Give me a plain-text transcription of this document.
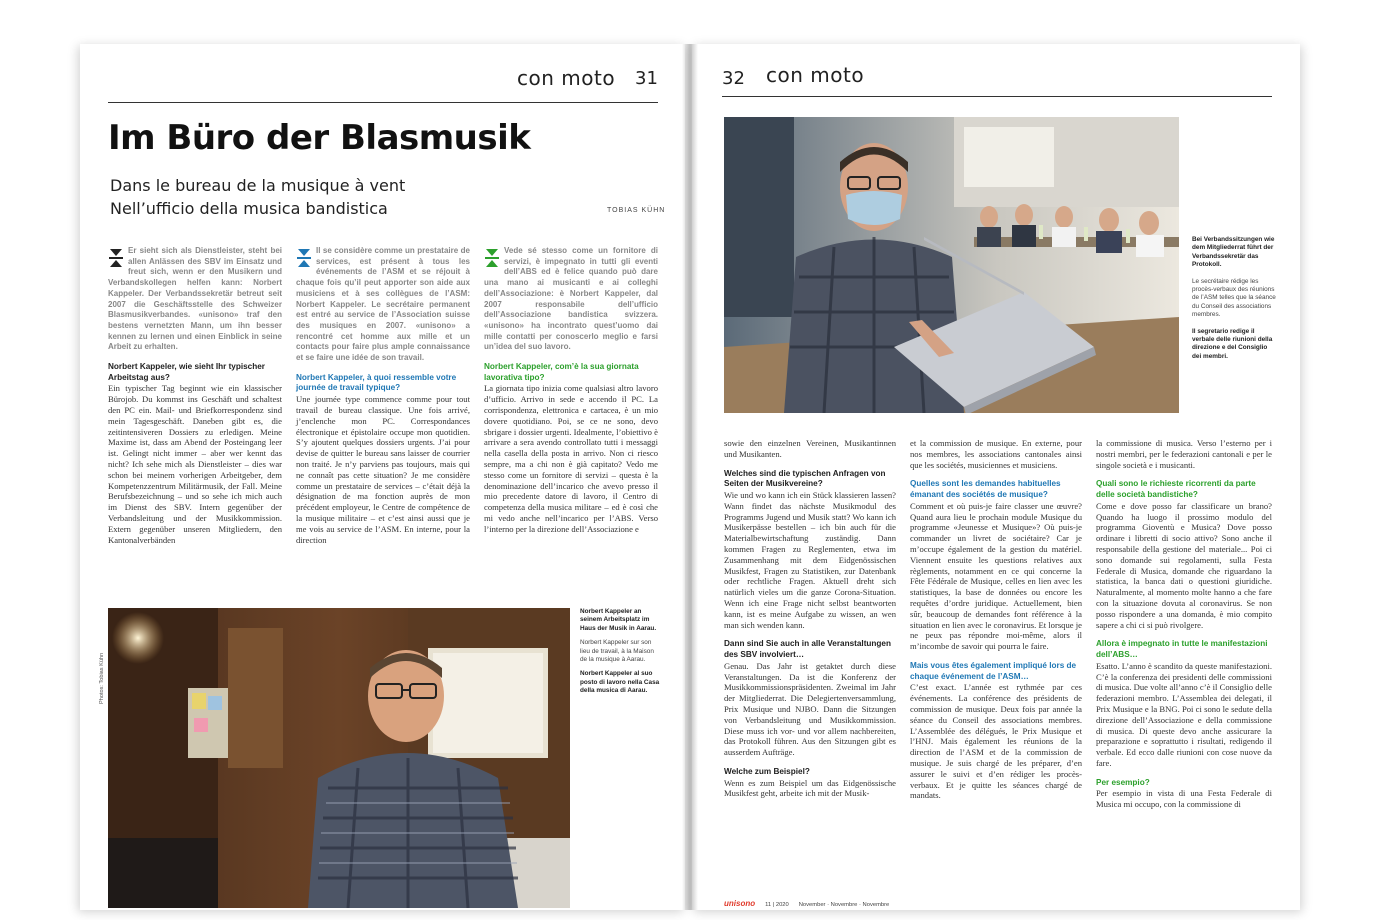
con moto 31
Im Büro der Blasmusik
Dans le bureau de la musique à vent
Nell’ufficio della musica bandistica	TOBIAS KÜHN

Er sieht sich als Dienstleister, steht bei allen Anlässen des SBV im Einsatz und freut sich, wenn er den Musikern und Verbandskollegen helfen kann: Norbert Kappeler. Der Verbandssekretär betreut seit 2007 die Geschäftsstelle des Schweizer Blasmusikverbandes. «unisono» traf den bestens vernetzten Mann, um ihn besser kennen zu lernen und einen Einblick in seine Arbeit zu erhalten.

Norbert Kappeler, wie sieht Ihr typischer Arbeitstag aus?
Ein typischer Tag beginnt wie ein klassischer Bürojob. Du kommst ins Geschäft und schaltest den PC ein. Mail- und Briefkorrespondenz sind mein Tagesgeschäft. Daneben gibt es, die zeitintensiveren Dossiers zu erledigen. Meine Maxime ist, dass am Abend der Posteingang leer ist. Gelingt nicht immer – aber wer kennt das nicht? Ich sehe mich als Dienstleister – dies war schon bei meinem vorherigen Arbeitgeber, dem Kompetenzzentrum Militärmusik, der Fall. Meine Berufsbezeichnung – und so sehe ich mich auch im Dienst des SBV. Intern gegenüber der Verbandsleitung und der Musikkommission. Extern gegenüber unseren Mitgliedern, den Kantonalverbänden

Il se considère comme un prestataire de services, est présent à tous les événements de l’ASM et se réjouit à chaque fois qu’il peut apporter son aide aux musiciens et à ses collègues de l’ASM: Norbert Kappeler. Le secrétaire permanent est entré au service de l’Association suisse des musiques en 2007. «unisono» a rencontré cet homme aux mille et un contacts pour faire plus ample connaissance et se faire une idée de son travail.

Norbert Kappeler, à quoi ressemble votre journée de travail typique?
Une journée type commence comme pour tout travail de bureau classique. Une fois arrivé, j’enclenche mon PC. Correspondances électronique et épistolaire occupe mon quotidien. S’y ajoutent quelques dossiers urgents. J’ai pour devise de quitter le bureau sans laisser de courrier non traité. Je n’y parviens pas toujours, mais qui ne connaît pas cette situation? Je me considère comme un prestataire de services – c’était déjà la désignation de ma fonction auprès de mon précédent employeur, le Centre de compétence de la musique militaire – et c’est ainsi aussi que je me vois au service de l’ASM. En interne, pour la direction

Vede sé stesso come un fornitore di servizi, è impegnato in tutti gli eventi dell’ABS ed è felice quando può dare una mano ai musicanti e ai colleghi dell’Associazione: è Norbert Kappeler, dal 2007 responsabile dell’ufficio dell’Associazione bandistica svizzera. «unisono» ha incontrato quest’uomo dai mille contatti per conoscerlo meglio e farsi un’idea del suo lavoro.

Norbert Kappeler, com’è la sua giornata lavorativa tipo?
La giornata tipo inizia come qualsiasi altro lavoro d’ufficio. Arrivo in sede e accendo il PC. La corrispondenza, elettronica e cartacea, è un mio dovere quotidiano. Poi, se ce ne sono, devo sbrigare i dossier urgenti. Idealmente, l’obiettivo è arrivare a sera avendo controllato tutti i messaggi nella casella della posta in arrivo. Non ci riesco sempre, ma a chi non è già capitato? Vedo me stesso come un fornitore di servizi – questa è la denominazione dell’incarico che avevo presso il mio precedente datore di lavoro, il Centro di competenza della musica militare – ed è così che mi vedo anche nell’incarico per l’ABS. Verso l’interno per la direzione dell’Associazione e
Photos: Tobias Kühn
Norbert Kappeler an seinem Arbeitsplatz im Haus der Musik in Aarau.
Norbert Kappeler sur son lieu de travail, à la Maison de la musique à Aarau.
Norbert Kappeler al suo posto di lavoro nella Casa della musica di Aarau.
32 con moto
Bei Verbandssitzungen wie dem Mitgliederrat führt der Verbandssekretär das Protokoll.
Le secrétaire rédige les procès-verbaux des réunions de l’ASM telles que la séance du Conseil des associations membres.
Il segretario redige il verbale delle riunioni della direzione e del Consiglio dei membri.
sowie den einzelnen Vereinen, Musikantinnen und Musikanten.
Welches sind die typischen Anfragen von Seiten der Musikvereine?
Wie und wo kann ich ein Stück klassieren lassen? Wann findet das nächste Musikmodul des Programms Jugend und Musik statt? Wo kann ich Musikerpässe bestellen – ich bin auch für die Materialbewirtschaftung zuständig. Dann kommen Fragen zu Reglementen, etwa im Zusammenhang mit dem Eidgenössischen Musikfest, Fragen zu Statistiken, zur Datenbank oder rechtliche Fragen. Aktuell dreht sich natürlich vieles um die ganze Corona-Situation. Wenn ich eine Frage nicht selbst beantworten kann, ist es meine Aufgabe zu wissen, an wen man sich wenden kann.
Dann sind Sie auch in alle Veranstaltungen des SBV involviert…
Genau. Das Jahr ist getaktet durch diese Veranstaltungen. Da ist die Konferenz der Musikkommissionspräsidenten. Zweimal im Jahr der Mitgliederrat. Die Delegiertenversammlung, Prix Musique und NJBO. Dann die Sitzungen von Verbandsleitung und Musikkommission. Diese muss ich vor- und vor allem nachbereiten, das Protokoll führen. Aus den Sitzungen gibt es ausserdem Aufträge.
Welche zum Beispiel?
Wenn es zum Beispiel um das Eidgenössische Musikfest geht, arbeite ich mit der Musik-
et la commission de musique. En externe, pour nos membres, les associations cantonales ainsi que les sociétés, musiciennes et musiciens.
Quelles sont les demandes habituelles émanant des sociétés de musique?
Comment et où puis-je faire classer une œuvre? Quand aura lieu le prochain module Musique du programme «Jeunesse et Musique»? Où puis-je commander un livret de sociétaire? Car je m’occupe également de la gestion du matériel. Viennent ensuite les questions relatives aux règlements, notamment en ce qui concerne la Fête Fédérale de Musique, celles en lien avec les statistiques, la base de données ou encore les requêtes d’ordre juridique. Actuellement, bien sûr, beaucoup de demandes font référence à la situation en lien avec le coronavirus. Et lorsque je ne peux pas répondre moi-même, alors il m’incombe de savoir qui pourra le faire.
Mais vous êtes également impliqué lors de chaque événement de l’ASM…
C’est exact. L’année est rythmée par ces événements. La conférence des présidents de commission de musique. Deux fois par année la séance du Conseil des associations membres. L’Assemblée des délégués, le Prix Musique et l’HNJ. Mais également les réunions de la direction de l’ASM et de la commission de musique. Je suis chargé de les préparer, d’en assurer le suivi et d’en rédiger les procès-verbaux. Et je quitte les séances chargé de mandats.
la commissione di musica. Verso l’esterno per i nostri membri, per le federazioni cantonali e per le singole società e i musicanti.
Quali sono le richieste ricorrenti da parte delle società bandistiche?
Come e dove posso far classificare un brano? Quando ha luogo il prossimo modulo del programma Gioventù e Musica? Dove posso ordinare i libretti di socio attivo? Sono anche il responsabile della gestione del materiale... Poi ci sono domande sui regolamenti, sulla Festa Federale di Musica, domande che riguardano la statistica, la banca dati o questioni giuridiche. Naturalmente, al momento molte hanno a che fare con la situazione dovuta al coronavirus. Se non posso rispondere a una domanda, è mio compito sapere a chi ci si può rivolgere.
Allora è impegnato in tutte le manifestazioni dell’ABS…
Esatto. L’anno è scandito da queste manifestazioni. C’è la conferenza dei presidenti delle commissioni di musica. Due volte all’anno c’è il Consiglio delle federazioni membro. L’Assemblea dei delegati, il Prix Musique e la BNG. Poi ci sono le sedute della direzione dell’Associazione e della commissione di musica. Di queste devo anche assicurare la preparazione e soprattutto i risultati, redigendo il verbale. Ed ecco dalle riunioni con cose nuove da fare.
Per esempio?
Per esempio in vista di una Festa Federale di Musica mi occupo, con la commissione di
unisono 11 | 2020 November · Novembre · Novembre
